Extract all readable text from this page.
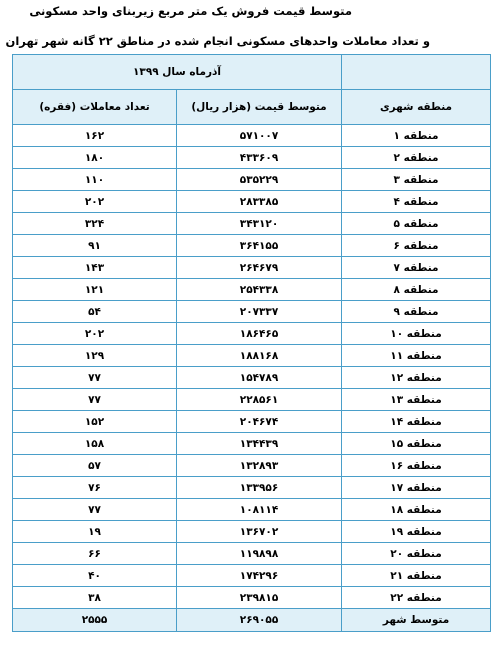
متوسط قیمت فروش یک متر مربع زیربنای واحد مسکونی
و تعداد معاملات واحدهای مسکونی انجام شده در مناطق ۲۲ گانه شهر تهران
	آذرماه سال ۱۳۹۹	
منطقه شهری	متوسط قیمت (هزار ریال)	تعداد معاملات (فقره)
منطقه ۱	۵۷۱۰۰۷	۱۶۲
منطقه ۲	۴۳۳۶۰۹	۱۸۰
منطقه ۳	۵۳۵۲۲۹	۱۱۰
منطقه ۴	۲۸۳۳۸۵	۲۰۲
منطقه ۵	۳۴۳۱۲۰	۳۲۴
منطقه ۶	۳۶۴۱۵۵	۹۱
منطقه ۷	۲۶۴۶۷۹	۱۴۳
منطقه ۸	۲۵۴۳۳۸	۱۲۱
منطقه ۹	۲۰۷۳۳۷	۵۴
منطقه ۱۰	۱۸۶۴۶۵	۲۰۲
منطقه ۱۱	۱۸۸۱۶۸	۱۲۹
منطقه ۱۲	۱۵۴۷۸۹	۷۷
منطقه ۱۳	۲۲۸۵۶۱	۷۷
منطقه ۱۴	۲۰۴۶۷۴	۱۵۲
منطقه ۱۵	۱۳۴۴۳۹	۱۵۸
منطقه ۱۶	۱۳۲۸۹۳	۵۷
منطقه ۱۷	۱۳۳۹۵۶	۷۶
منطقه ۱۸	۱۰۸۱۱۴	۷۷
منطقه ۱۹	۱۳۶۷۰۲	۱۹
منطقه ۲۰	۱۱۹۸۹۸	۶۶
منطقه ۲۱	۱۷۴۲۹۶	۴۰
منطقه ۲۲	۲۳۹۸۱۵	۳۸
متوسط شهر	۲۶۹۰۵۵	۲۵۵۵
